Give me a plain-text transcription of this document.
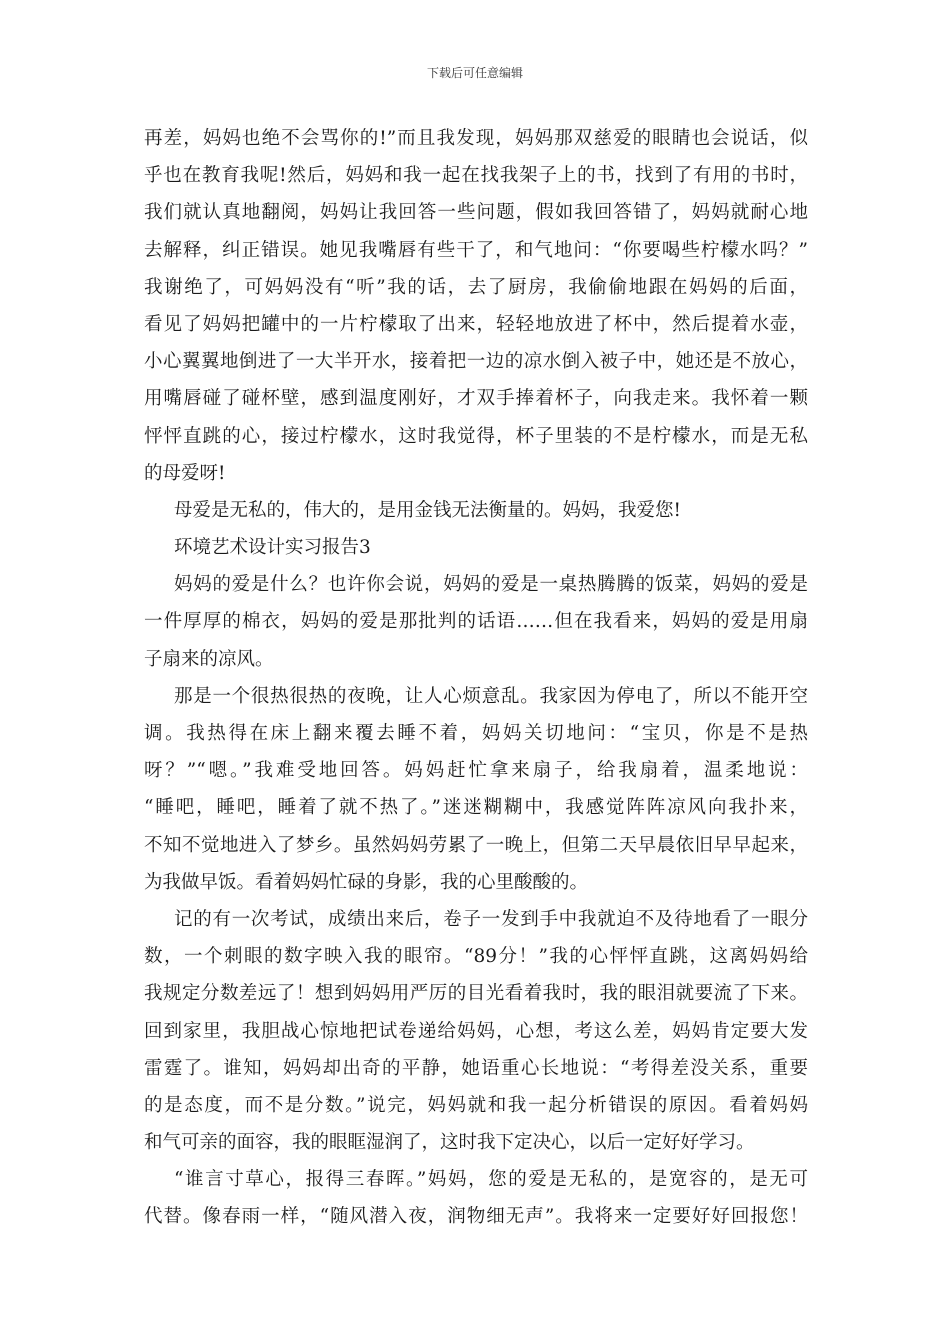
下载后可任意编辑
再差，妈妈也绝不会骂你的!”而且我发现，妈妈那双慈爱的眼睛也会说话，似
乎也在教育我呢!然后，妈妈和我一起在找我架子上的书，找到了有用的书时，
我们就认真地翻阅，妈妈让我回答一些问题，假如我回答错了，妈妈就耐心地
去解释，纠正错误。她见我嘴唇有些干了，和气地问：“你要喝些柠檬水吗？”
我谢绝了，可妈妈没有“听”我的话，去了厨房，我偷偷地跟在妈妈的后面，
看见了妈妈把罐中的一片柠檬取了出来，轻轻地放进了杯中，然后提着水壶，
小心翼翼地倒进了一大半开水，接着把一边的凉水倒入被子中，她还是不放心，
用嘴唇碰了碰杯壁，感到温度刚好，才双手捧着杯子，向我走来。我怀着一颗
怦怦直跳的心，接过柠檬水，这时我觉得，杯子里装的不是柠檬水，而是无私
的母爱呀!
母爱是无私的，伟大的，是用金钱无法衡量的。妈妈，我爱您!
环境艺术设计实习报告3
妈妈的爱是什么？也许你会说，妈妈的爱是一桌热腾腾的饭菜，妈妈的爱是
一件厚厚的棉衣，妈妈的爱是那批判的话语……但在我看来，妈妈的爱是用扇
子扇来的凉风。
那是一个很热很热的夜晚，让人心烦意乱。我家因为停电了，所以不能开空
调。我热得在床上翻来覆去睡不着，妈妈关切地问：“宝贝，你是不是热
呀？”“嗯。”我难受地回答。妈妈赶忙拿来扇子，给我扇着，温柔地说：
“睡吧，睡吧，睡着了就不热了。”迷迷糊糊中，我感觉阵阵凉风向我扑来，
不知不觉地进入了梦乡。虽然妈妈劳累了一晚上，但第二天早晨依旧早早起来，
为我做早饭。看着妈妈忙碌的身影，我的心里酸酸的。
记的有一次考试，成绩出来后，卷子一发到手中我就迫不及待地看了一眼分
数，一个刺眼的数字映入我的眼帘。“89分！”我的心怦怦直跳，这离妈妈给
我规定分数差远了！想到妈妈用严厉的目光看着我时，我的眼泪就要流了下来。
回到家里，我胆战心惊地把试卷递给妈妈，心想，考这么差，妈妈肯定要大发
雷霆了。谁知，妈妈却出奇的平静，她语重心长地说：“考得差没关系，重要
的是态度，而不是分数。”说完，妈妈就和我一起分析错误的原因。看着妈妈
和气可亲的面容，我的眼眶湿润了，这时我下定决心，以后一定好好学习。
“谁言寸草心，报得三春晖。”妈妈，您的爱是无私的，是宽容的，是无可
代替。像春雨一样，“随风潜入夜，润物细无声”。我将来一定要好好回报您！
